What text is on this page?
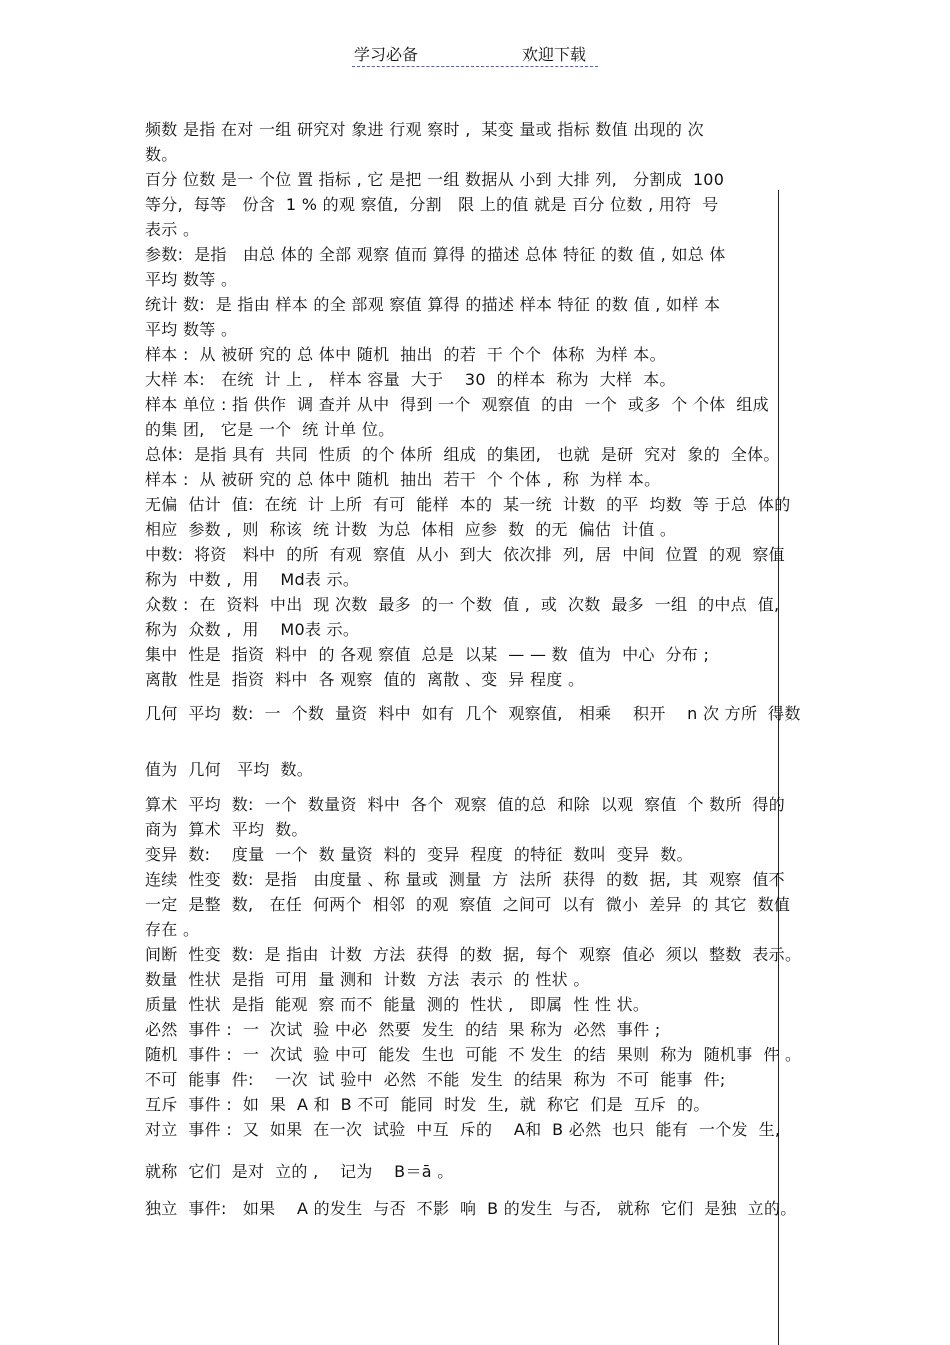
学习必备	欢迎下载
频数 是指 在对 一组 研究对 象进 行观 察时 ,  某变 量或 指标 数值 出现的 次
数。
百分 位数 是一 个位 置 指标 , 它 是把 一组 数据从 小到 大排 列,   分割成  100
等分,  每等   份含  1 % 的观 察值,  分割   限 上的值 就是 百分 位数 , 用符  号
表示 。
参数:  是指   由总 体的 全部 观察 值而 算得 的描述 总体 特征 的数 值 , 如总 体
平均 数等 。
统计 数:  是 指由 样本 的全 部观 察值 算得 的描述 样本 特征 的数 值 , 如样 本
平均 数等 。
样本 :  从 被研 究的 总 体中 随机  抽出  的若  干 个个  体称  为样 本。
大样 本:   在统  计 上 ,   样本 容量  大于    30  的样本  称为  大样  本。
样本 单位 : 指 供作  调 查并 从中  得到 一个  观察值  的由  一个  或多  个 个体  组成
的集 团,   它是 一个  统 计单 位。
总体:  是指 具有  共同  性质  的个 体所  组成  的集团,   也就  是研  究对  象的  全体。
样本 :  从 被研 究的 总 体中 随机  抽出  若干  个 个体 ,  称  为样 本。
无偏  估计  值:  在统  计 上所  有可  能样  本的  某一统  计数  的平  均数  等 于总  体的
相应  参数 ,  则  称该  统 计数  为总  体相  应参  数  的无  偏估  计值 。
中数:  将资   料中  的所  有观  察值  从小  到大  依次排  列,  居  中间  位置  的观  察值
称为  中数 ,  用    Md表 示。
众数 :  在  资料  中出  现 次数  最多  的一 个数  值 ,  或  次数  最多  一组  的中点  值,
称为  众数 ,  用    M0表 示。
集中  性是  指资  料中  的 各观 察值  总是  以某  — — 数  值为  中心  分布 ;
离散  性是  指资  料中  各 观察  值的  离散 、变  异 程度 。
几何  平均  数:  一  个数  量资  料中  如有  几个  观察值,   相乘    积开    n 次 方所  得数
值为  几何   平均  数。
算术  平均  数:  一个  数量资  料中  各个  观察  值的总  和除  以观  察值  个 数所  得的
商为  算术  平均  数。
变异  数:    度量  一个  数 量资  料的  变异  程度  的特征  数叫  变异  数。
连续  性变  数:  是指   由度量 、称 量或  测量  方  法所  获得  的数  据,  其  观察  值不
一定  是整  数,   在任  何两个  相邻  的观  察值  之间可  以有  微小  差异  的 其它  数值
存在 。
间断  性变  数:  是 指由  计数  方法  获得  的数  据,  每个  观察  值必  须以  整数  表示。
数量  性状  是指  可用  量 测和  计数  方法  表示  的 性状 。
质量  性状  是指  能观  察 而不  能量  测的  性状 ,   即属  性 性 状。
必然  事件 :  一  次试  验 中必  然要  发生  的结  果 称为  必然  事件 ;
随机  事件 :  一  次试  验 中可  能发  生也  可能  不 发生  的结  果则  称为  随机事  件 。
不可  能事  件:    一次  试 验中  必然  不能  发生  的结果  称为  不可  能事  件;
互斥  事件 :  如  果  A 和  B 不可  能同  时发  生,  就  称它  们是  互斥  的。
对立  事件 :  又  如果  在一次  试验  中互  斥的    A和  B 必然  也只  能有  一个发  生,
就称  它们  是对  立的 ,    记为    B＝ā 。
独立  事件:   如果    A 的发生  与否  不影  响  B 的发生  与否,   就称  它们  是独  立的。
